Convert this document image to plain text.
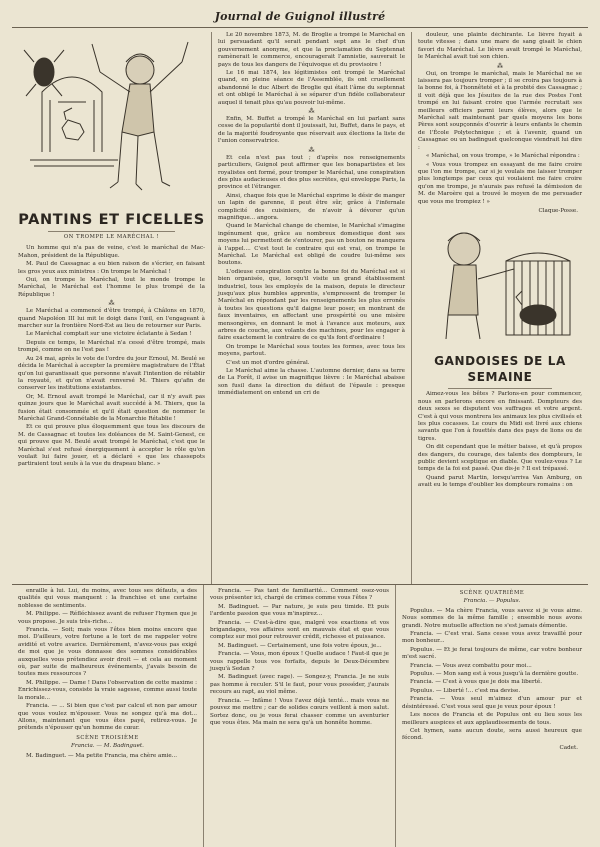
Journal de Guignol illustré
PANTINS ET FICELLES
ON TROMPE LE MARÉCHAL !

Un homme qui n'a pas de veine, c'est le maréchal de Mac-Mahon, président de la République.

M. Paul de Cassagnac a eu bien raison de s'écrier, en faisant les gros yeux aux ministres : On trompe le Maréchal !

Oui, on trompe le Maréchal, tout le monde trompe le Maréchal, le Maréchal est l'homme le plus trompé de la République !

⁂

Le Maréchal a commencé d'être trompé, à Châlons en 1870, quand Napoléon III lui mit le doigt dans l'œil, en l'engageant à marcher sur la frontière Nord-Est au lieu de retourner sur Paris.

Le Maréchal comptait sur une victoire éclatante à Sedan !

Depuis ce temps, le Maréchal n'a cessé d'être trompé, mais trompé, comme on ne l'est pas !

Au 24 mai, après le vote de l'ordre du jour Ernoul, M. Beulé se décida le Maréchal à accepter la première magistrature de l'État qu'on lui garantissait que personne n'avait l'intention de rétablir la royauté, et qu'on n'avait renversé M. Thiers qu'afin de conserver les institutions existantes.

Or, M. Ernoul avait trompé le Maréchal, car il n'y avait pas quinze jours que le Maréchal avait succédé à M. Thiers, que la fusion était consommée et qu'il était question de nommer le Maréchal Grand-Connétable de la Monarchie Rétablie !

Et ce qui prouve plus éloquemment que tous les discours de M. de Cassagnac et toutes les doléances de M. Saint-Genest, ce qui prouve que M. Beulé avait trompé le Maréchal, c'est que le Maréchal s'est refusé énergiquement à accepter le rôle qu'on voulait lui faire jouer, et a déclaré « que les chassepots partiraient tout seuls à la vue du drapeau blanc. »

Le 20 novembre 1873, M. de Broglie a trompé le Maréchal en lui persuadant qu'il serait pendant sept ans le chef d'un gouvernement anonyme, et que la proclamation du Septennat ramènerait le commerce, encouragerait l'amnistie, sauverait le pays de tous les dangers de l'équivoque et du provisoire !

Le 16 mai 1874, les légitimistes ont trompé le Maréchal quand, en pleine séance de l'Assemblée, ils ont cruellement abandonné le duc Albert de Broglie qui était l'âme du septennat et ont obligé le Maréchal à se séparer d'un fidèle collaborateur auquel il tenait plus qu'au pouvoir lui-même.

⁂

Enfin, M. Buffet a trompé le Maréchal en lui parlant sans cesse de la popularité dont il jouissait, lui, Buffet, dans le pays, et de la majorité foudroyante que réservait aux élections la liste de l'union conservatrice.

⁂

Et cela n'est pas tout ; d'après nos renseignements particuliers, Guignol peut affirmer que les bonapartistes et les royalistes ont formé, pour tromper le Maréchal, une conspiration des plus audacieuses et des plus secrètes, qui enveloppe Paris, la province et l'étranger.

Ainsi, chaque fois que le Maréchal exprime le désir de manger un lapin de garenne, il peut être sûr, grâce à l'infernale complicité des cuisiniers, de n'avoir à dévorer qu'un magnifique... angora.

Quand le Maréchal change de chemise, le Maréchal s'imagine ingénument que, grâce au nombreux domestique dont ses moyens lui permettent de s'entourer, pas un bouton ne manquera à l'appel.... C'est tout le contraire qui est vrai, on trompe le Maréchal. Le Maréchal est obligé de coudre lui-même ses boutons.

L'odieuse conspiration contre la bonne foi du Maréchal est si bien organisée, que, lorsqu'il visite un grand établissement industriel, tous les employés de la maison, depuis le directeur jusqu'aux plus humbles apprentis, s'empressent de tromper le Maréchal en répondant par les renseignements les plus erronés à toutes les questions qu'il daigne leur poser, en montrant de faux inventaires, en affectant une prospérité ou une misère mensongères, en donnant le mot à l'avance aux moteurs, aux arbres de couche, aux volants des machines, pour les engager à faire exactement le contraire de ce qu'ils font d'ordinaire !

On trompe le Maréchal sous toutes les formes, avec tous les moyens, partout.

C'est un mot d'ordre général.

Le Maréchal aime la chasse. L'automne dernier, dans sa terre de La Forêt, il avise un magnifique lièvre : le Maréchal abaisse son fusil dans la direction du défaut de l'épaule : presque immédiatement on entend un cri de

douleur, une plainte déchirante. Le lièvre fuyait à toute vitesse ; dans une mare de sang gisait le chien favori du Maréchal. Le lièvre avait trompé le Maréchal, le Maréchal avait tué son chien.

⁂

Oui, on trompe le maréchal, mais le Maréchal ne se laissera pas toujours tromper ; il se croira pas toujours à la bonne foi, à l'honnêteté et à la probité des Cassagnac ; il voit déjà que les Jésuites de la rue des Postes l'ont trompé en lui faisant croire que l'armée recrutait ses meilleurs officiers parmi leurs élèves, alors que le Maréchal sait maintenant par quels moyens les bons Pères sont soupçonnés d'ouvrir à leurs enfants le chemin de l'École Polytechnique ; et à l'avenir, quand un Cassagnac ou un badinguet quelconque viendrait lui dire :

« Maréchal, on vous trompe, » le Maréchal répondra :

« Vous vous trompez en essayant de me faire croire que l'on me trompe, car si je voulais me laisser tromper plus longtemps par ceux qui voulaient me faire croire qu'on me trompe, je n'aurais pas refusé la démission de M. de Maroère qui a trouvé le moyen de me persuader que vous me trompiez ! »

Claque-Posse.
GANDOISES DE LA SEMAINE

Aimez-vous les bêtes ? Parlons-en pour commencer, nous en parlerons encore en finissant. Dompteurs des deux sexes se disputent vos suffrages et votre argent. C'est à qui vous montrera les animaux les plus civilisés et les plus cocasses. Le cours du Midi est livré aux chiens savants que l'on à fouettés dans des pays de lions ou de tigres.

On dit cependant que le métier baisse, et qu'à propos des dangers, du courage, des talents des dompteurs, le public devient sceptique en diable. Que voulez-vous ? Le temps de la foi est passé. Que dis-je ? Il est trépassé.

Quand parut Martin, lorsqu'arriva Van Amburg, on avait eu le temps d'oublier les dompteurs romains : on

enraille à lui. Lui, du moins, avec tous ses défauts, a des qualités qui vous manquent : la franchise et une certaine noblesse de sentiments.

M. Philippe. — Réfléchissez avant de refuser l'hymen que je vous propose. Je suis très-riche...

Francia. — Soit; mais vous l'êtes bien moins encore que moi. D'ailleurs, votre fortune a le tort de me rappeler votre avidité et votre avarice. Dernièrement, n'avez-vous pas exigé de moi que je vous donnasse des sommes considérables auxquelles vous prétendiez avoir droit — et cela au moment où, par suite de malheureux événements, j'avais besoin de toutes mes ressources ?

M. Philippe. — Dame ! Dans l'observation de cette maxime : Enrichissez-vous, consiste la vraie sagesse, comme aussi toute la morale...

Francia. — ... Si bien que c'est par calcul et non par amour que vous voulez m'épouser. Vous ne songez qu'à ma dot... Allons, maintenant que vous êtes payé, retirez-vous. Je prétends n'épouser qu'un homme de cœur.

SCÈNE TROISIÈME
Francia. — M. Badinguet.

M. Badinguet. — Ma petite Francia, ma chère amie...

Francia. — Pas tant de familiarité... Comment osez-vous vous présenter ici, chargé de crimes comme vous l'êtes ?

M. Badinguet. — Par nature, je suis peu timide. Et puis l'ardente passion que vous m'inspirez...

Francia. — C'est-à-dire que, malgré vos exactions et vos brigandages, vos affaires sont en mauvais état et que vous comptez sur moi pour retrouver crédit, richesse et puissance.

M. Badinguet. — Certainement, une fois votre époux, je...

Francia. — Vous, mon époux ! Quelle audace ! Faut-il que je vous rappelle tous vos forfaits, depuis le Deux-Décembre jusqu'à Sedan ?

M. Badinguet (avec rage). — Songez-y, Francia. Je ne suis pas homme à reculer. S'il le faut, pour vous posséder, j'aurais recours au rapt, au viol même.

Francia. — Infâme ! Vous l'avez déjà tenté... mais vous ne pouvez me mettre ; car de solides cœurs veillent à mon salut. Sortez donc, ou je vous ferai chasser comme un aventurier que vous êtes. Ma main ne sera qu'à un honnête homme.

SCÈNE QUATRIÈME
Francia. — Populus.

Populus. — Ma chère Francia, vous savez si je vous aime. Nous sommes de la même famille ; ensemble nous avons grandi. Notre mutuelle affection ne s'est jamais démentie.

Francia. — C'est vrai. Sans cesse vous avez travaillé pour mon bonheur...

Populus. — Et je ferai toujours de même, car votre bonheur m'est sacré.

Francia. — Vous avez combattu pour moi...

Populus. — Mon sang est à vous jusqu'à la dernière goutte.

Francia. — C'est à vous que je dois ma liberté.

Populus. — Liberté !... c'est ma devise.

Francia. — Vous seul m'aimez d'un amour pur et désintéressé. C'est vous seul que je veux pour époux !

Les noces de Francia et de Populus ont eu lieu sous les meilleurs auspices et aux applaudissements de tous.

Cet hymen, sans aucun doute, sera aussi heureux que fécond.

Cadet.
